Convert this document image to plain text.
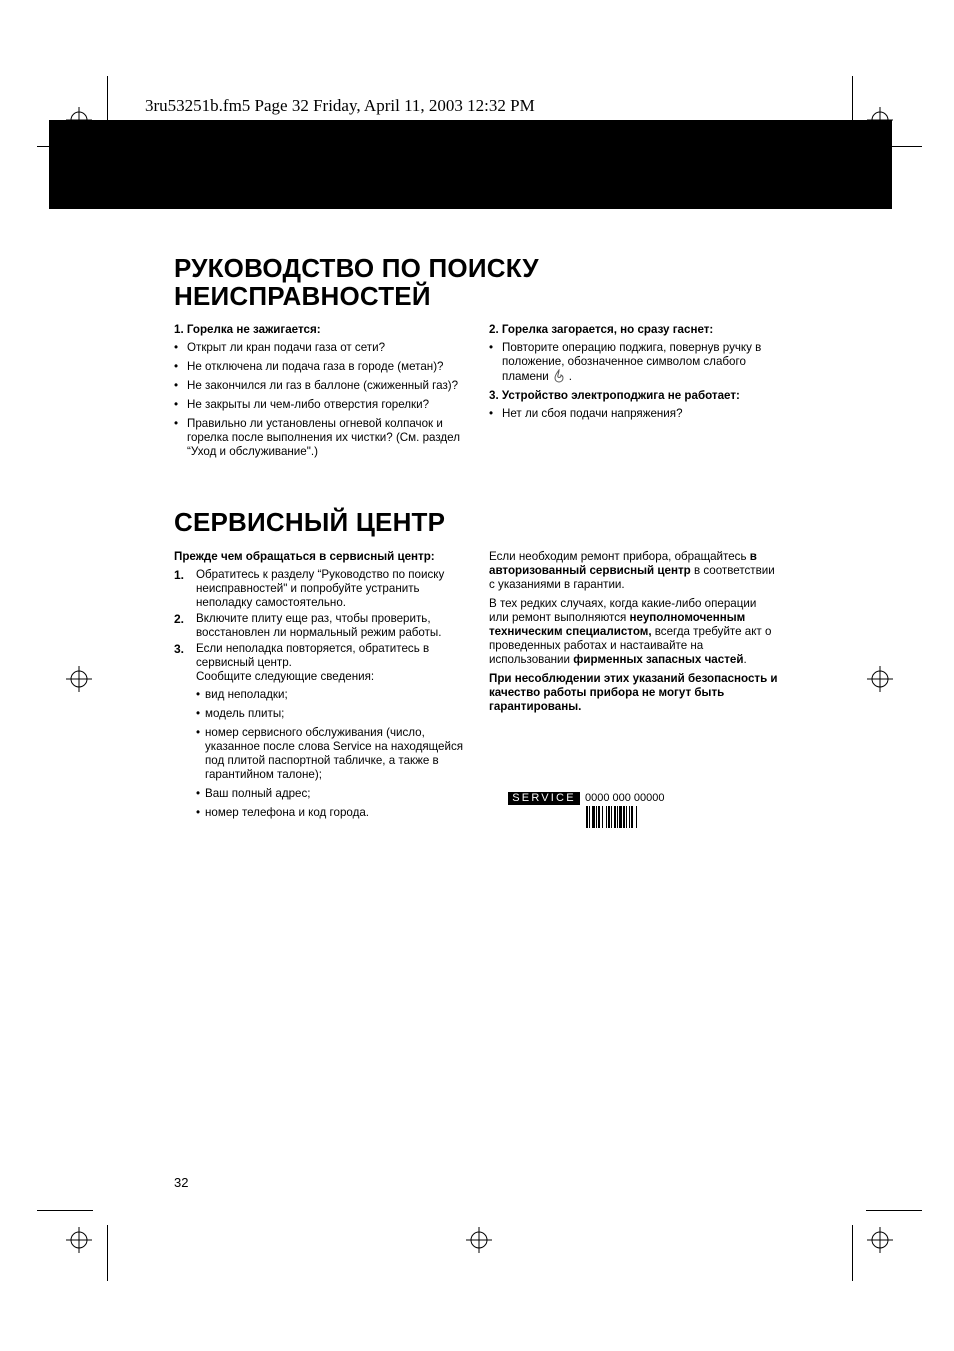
3ru53251b.fm5 Page 32 Friday, April 11, 2003 12:32 PM
РУКОВОДСТВО ПО ПОИСКУ
НЕИСПРАВНОСТЕЙ

1. Горелка не зажигается:

• Открыт ли кран подачи газа от сети?
• Не отключена ли подача газа в городе (метан)?
• Не закончился ли газ в баллоне (сжиженный газ)?
• Не закрыты ли чем-либо отверстия горелки?
• Правильно ли установлены огневой колпачок и горелка после выполнения их чистки? (См. раздел “Уход и обслуживание".)

2. Горелка загорается, но сразу гаснет:

• Повторите операцию поджига, повернув ручку в положение, обозначенное символом слабого пламени .

3. Устройство электроподжига не работает:

• Нет ли сбоя подачи напряжения?
СЕРВИСНЫЙ ЦЕНТР

Прежде чем обращаться в сервисный центр:

1. Обратитесь к разделу “Руководство по поиску неисправностей" и попробуйте устранить неполадку самостоятельно.
2. Включите плиту еще раз, чтобы проверить, восстановлен ли нормальный режим работы.
3. Если неполадка повторяется, обратитесь в сервисный центр.
Сообщите следующие сведения:
• вид неполадки;
• модель плиты;
• номер сервисного обслуживания (число, указанное после слова Service на находящейся под плитой паспортной табличке, а также в гарантийном талоне);
• Ваш полный адрес;
• номер телефона и код города.

Если необходим ремонт прибора, обращайтесь в авторизованный сервисный центр в соответствии с указаниями в гарантии.

В тех редких случаях, когда какие-либо операции или ремонт выполняются неуполномоченным техническим специалистом, всегда требуйте акт о проведенных работах и настаивайте на использовании фирменных запасных частей.

При несоблюдении этих указаний безопасность и качество работы прибора не могут быть гарантированы.

SERVICE 0000 000 00000
32
